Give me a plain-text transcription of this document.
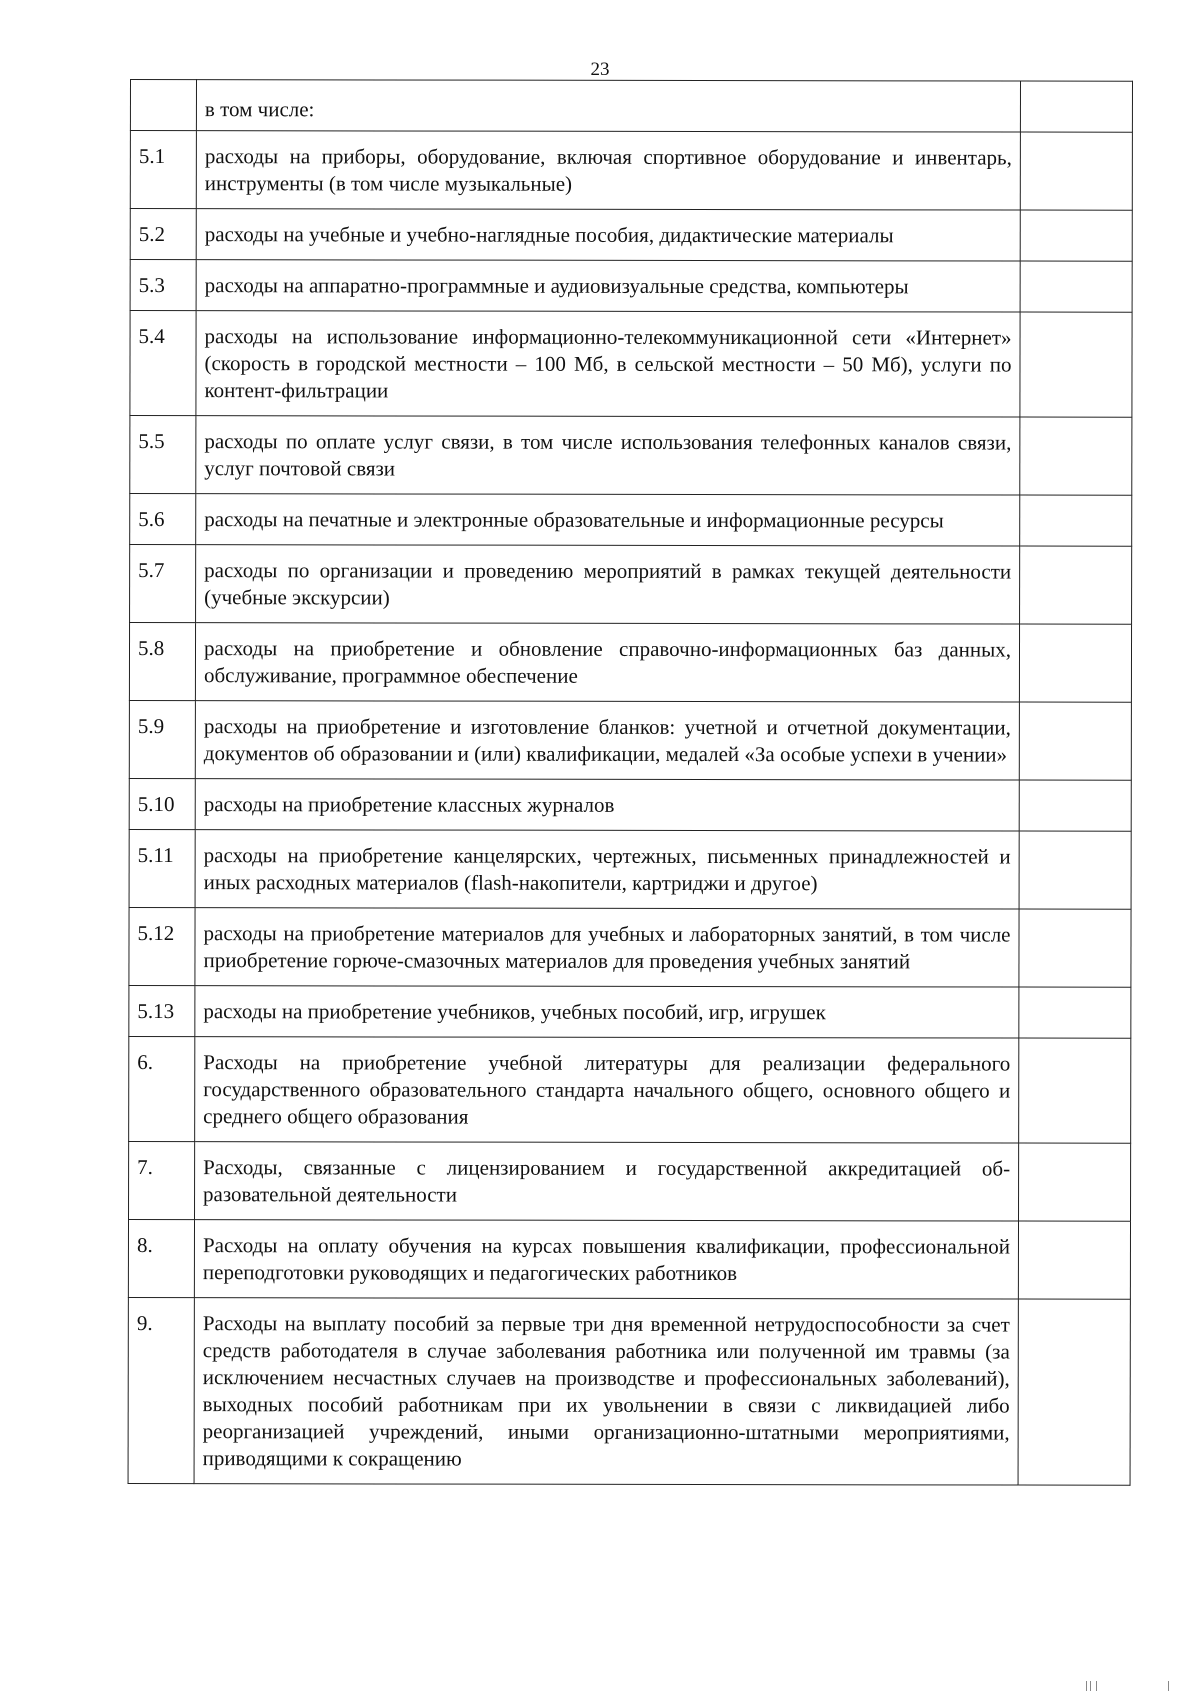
23
	в том числе:	
5.1	расходы на приборы, оборудование, включая спортивное оборудование и инвентарь, инструменты (в том числе музыкальные)	
5.2	расходы на учебные и учебно-наглядные пособия, дидактические материалы	
5.3	расходы на аппаратно-программные и аудиовизуальные средства, компьютеры	
5.4	расходы на использование информационно-телекоммуникационной сети «Интернет» (скорость в городской местности – 100 Мб, в сельской местности – 50 Мб), услуги по контент-фильтрации	
5.5	расходы по оплате услуг связи, в том числе использования телефонных каналов связи, услуг почтовой связи	
5.6	расходы на печатные и электронные образовательные и информационные ресурсы	
5.7	расходы по организации и проведению мероприятий в рамках текущей деятельности (учебные экскурсии)	
5.8	расходы на приобретение и обновление справочно-информационных баз данных, обслуживание, программное обеспечение	
5.9	расходы на приобретение и изготовление бланков: учетной и отчетной документации, документов об образовании и (или) квалификации, медалей «За особые успехи в учении»	
5.10	расходы на приобретение классных журналов	
5.11	расходы на приобретение канцелярских, чертежных, письменных принадлежностей и иных расходных материалов (flash-накопители, картриджи и другое)	
5.12	расходы на приобретение материалов для учебных и лабораторных занятий, в том числе приобретение горюче-смазочных материалов для проведения учебных занятий	
5.13	расходы на приобретение учебников, учебных пособий, игр, игрушек	
6.	Расходы на приобретение учебной литературы для реализации федерального государственного образовательного стандарта начального общего, основного общего и среднего общего образования	
7.	Расходы, связанные с лицензированием и государственной аккредитацией образовательной деятельности	
8.	Расходы на оплату обучения на курсах повышения квалификации, профессиональной переподготовки руководящих и педагогических работников	
9.	Расходы на выплату пособий за первые три дня временной нетрудоспособности за счет средств работодателя в случае заболевания работника или полученной им травмы (за исключением несчастных случаев на производстве и профессиональных заболеваний), выходных пособий работникам при их увольнении в связи с ликвидацией либо реорганизацией учреждений, иными организационно-штатными мероприятиями, приводящими к сокращению	
